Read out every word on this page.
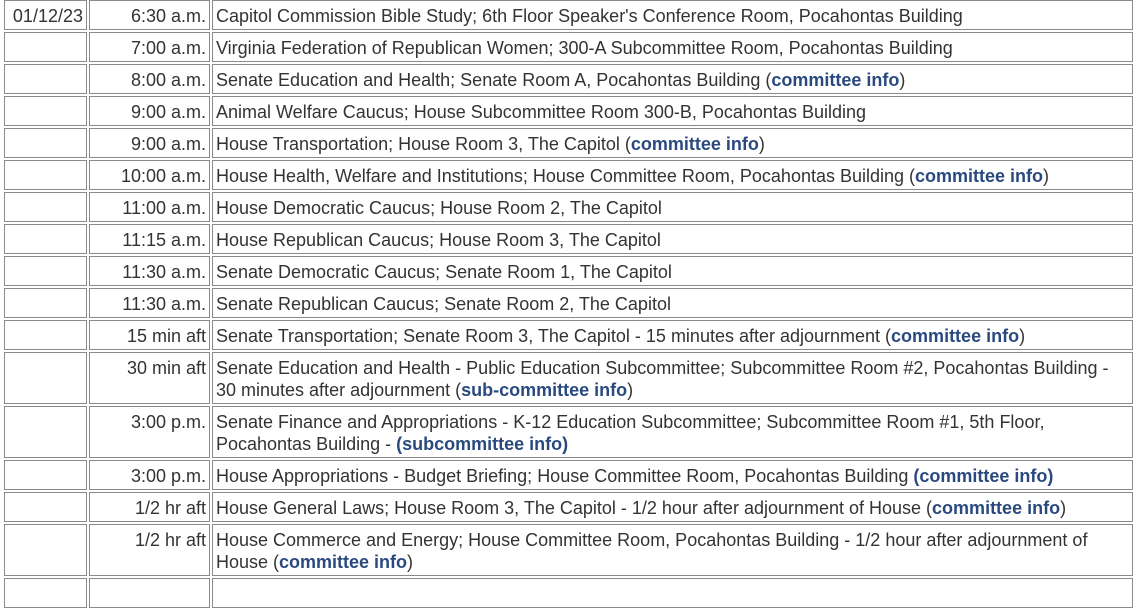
01/12/23	6:30 a.m.	Capitol Commission Bible Study; 6th Floor Speaker's Conference Room, Pocahontas Building
	7:00 a.m.	Virginia Federation of Republican Women; 300-A Subcommittee Room, Pocahontas Building
	8:00 a.m.	Senate Education and Health; Senate Room A, Pocahontas Building (committee info)
	9:00 a.m.	Animal Welfare Caucus; House Subcommittee Room 300-B, Pocahontas Building
	9:00 a.m.	House Transportation; House Room 3, The Capitol (committee info)
	10:00 a.m.	House Health, Welfare and Institutions; House Committee Room, Pocahontas Building (committee info)
	11:00 a.m.	House Democratic Caucus; House Room 2, The Capitol
	11:15 a.m.	House Republican Caucus; House Room 3, The Capitol
	11:30 a.m.	Senate Democratic Caucus; Senate Room 1, The Capitol
	11:30 a.m.	Senate Republican Caucus; Senate Room 2, The Capitol
	15 min aft	Senate Transportation; Senate Room 3, The Capitol - 15 minutes after adjournment (committee info)
	30 min aft	Senate Education and Health - Public Education Subcommittee; Subcommittee Room #2, Pocahontas Building - 30 minutes after adjournment (sub-committee info)
	3:00 p.m.	Senate Finance and Appropriations - K-12 Education Subcommittee; Subcommittee Room #1, 5th Floor, Pocahontas Building - (subcommittee info)
	3:00 p.m.	House Appropriations - Budget Briefing; House Committee Room, Pocahontas Building (committee info)
	1/2 hr aft	House General Laws; House Room 3, The Capitol - 1/2 hour after adjournment of House (committee info)
	1/2 hr aft	House Commerce and Energy; House Committee Room, Pocahontas Building - 1/2 hour after adjournment of House (committee info)
